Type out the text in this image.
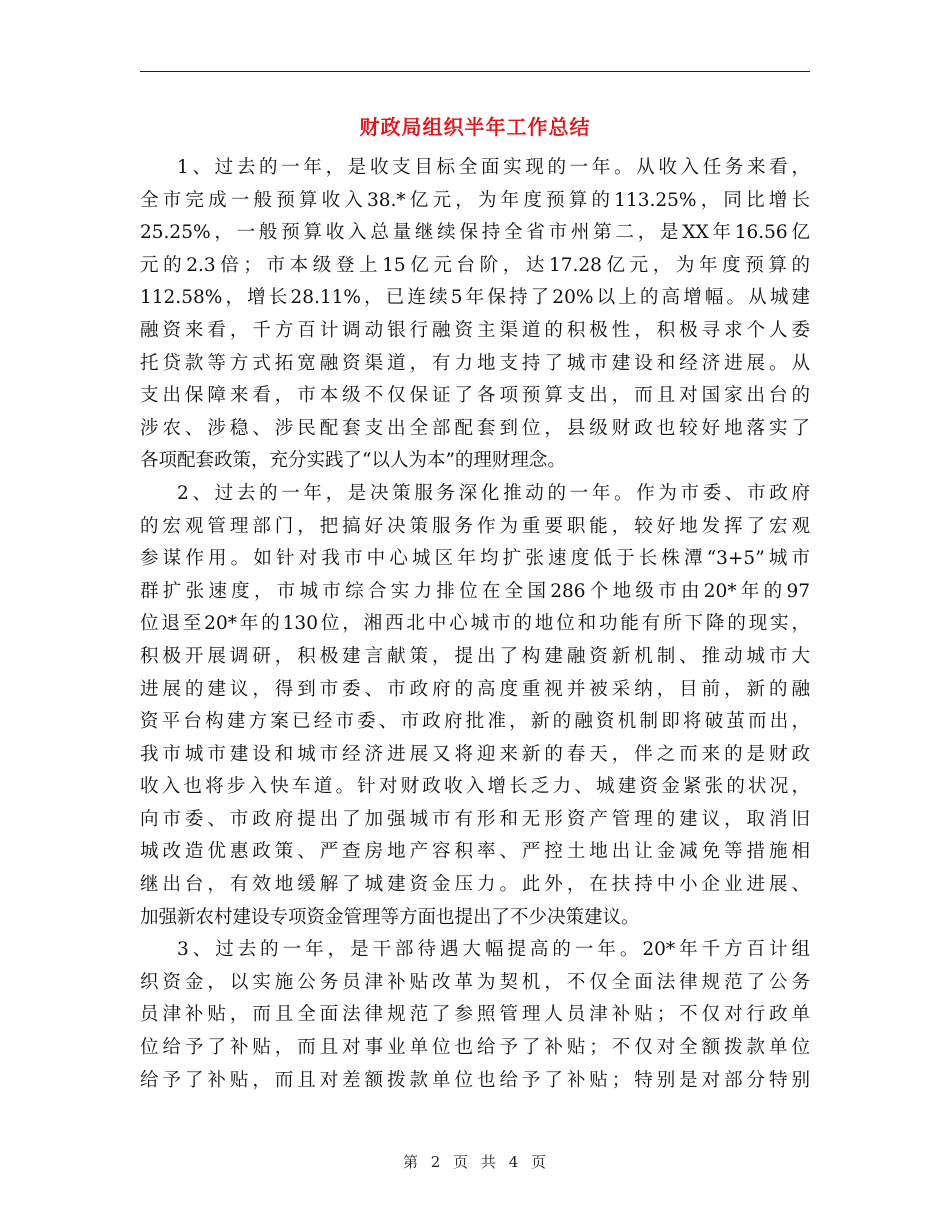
财政局组织半年工作总结
1、过去的一年，是收支目标全面实现的一年。从收入任务来看，
全市完成一般预算收入38.*亿元，为年度预算的113.25%，同比增长
25.25%，一般预算收入总量继续保持全省市州第二，是XX年16.56亿
元的2.3倍；市本级登上15亿元台阶，达17.28亿元，为年度预算的
112.58%，增长28.11%，已连续5年保持了20%以上的高增幅。从城建
融资来看，千方百计调动银行融资主渠道的积极性，积极寻求个人委
托贷款等方式拓宽融资渠道，有力地支持了城市建设和经济进展。从
支出保障来看，市本级不仅保证了各项预算支出，而且对国家出台的
涉农、涉稳、涉民配套支出全部配套到位，县级财政也较好地落实了
各项配套政策，充分实践了“以人为本”的理财理念。
2、过去的一年，是决策服务深化推动的一年。作为市委、市政府
的宏观管理部门，把搞好决策服务作为重要职能，较好地发挥了宏观
参谋作用。如针对我市中心城区年均扩张速度低于长株潭“3+5”城市
群扩张速度，市城市综合实力排位在全国286个地级市由20*年的97
位退至20*年的130位，湘西北中心城市的地位和功能有所下降的现实，
积极开展调研，积极建言献策，提出了构建融资新机制、推动城市大
进展的建议，得到市委、市政府的高度重视并被采纳，目前，新的融
资平台构建方案已经市委、市政府批准，新的融资机制即将破茧而出，
我市城市建设和城市经济进展又将迎来新的春天，伴之而来的是财政
收入也将步入快车道。针对财政收入增长乏力、城建资金紧张的状况，
向市委、市政府提出了加强城市有形和无形资产管理的建议，取消旧
城改造优惠政策、严查房地产容积率、严控土地出让金减免等措施相
继出台，有效地缓解了城建资金压力。此外，在扶持中小企业进展、
加强新农村建设专项资金管理等方面也提出了不少决策建议。
3、过去的一年，是干部待遇大幅提高的一年。20*年千方百计组
织资金，以实施公务员津补贴改革为契机，不仅全面法律规范了公务
员津补贴，而且全面法律规范了参照管理人员津补贴；不仅对行政单
位给予了补贴，而且对事业单位也给予了补贴；不仅对全额拨款单位
给予了补贴，而且对差额拨款单位也给予了补贴；特别是对部分特别
第 2 页 共 4 页
